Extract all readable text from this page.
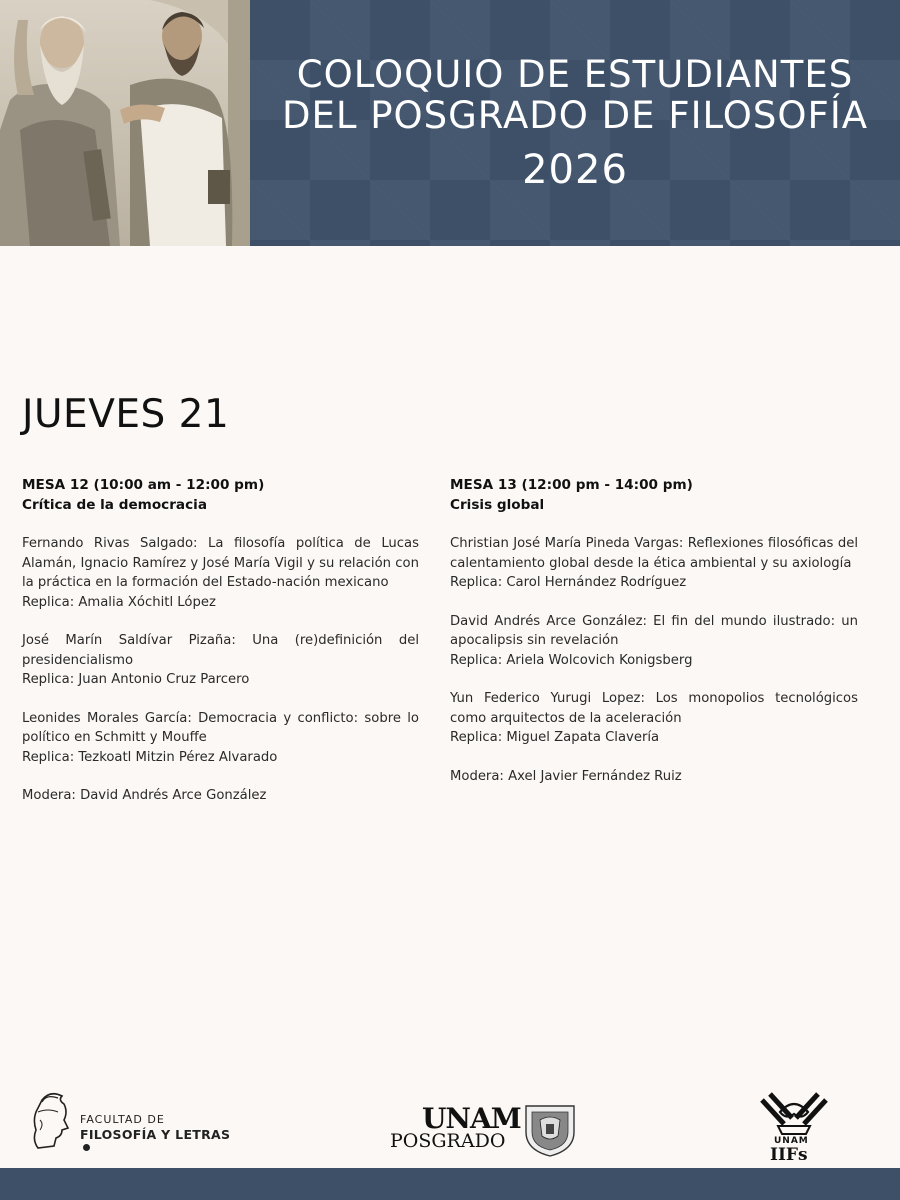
COLOQUIO DE ESTUDIANTES DEL POSGRADO DE FILOSOFÍA
2026
JUEVES 21
MESA 12 (10:00 am - 12:00 pm)
Crítica de la democracia
Fernando Rivas Salgado: La filosofía política de Lucas Alamán, Ignacio Ramírez y José María Vigil y su relación con la práctica en la formación del Estado-nación mexicano
Replica: Amalia Xóchitl López
José Marín Saldívar Pizaña: Una (re)definición del presidencialismo
Replica: Juan Antonio Cruz Parcero
Leonides Morales García: Democracia y conflicto: sobre lo político en Schmitt y Mouffe
Replica: Tezkoatl Mitzin Pérez Alvarado
Modera: David Andrés Arce González
MESA 13 (12:00 pm - 14:00 pm)
Crisis global
Christian José María Pineda Vargas: Reflexiones filosóficas del calentamiento global desde la ética ambiental y su axiología
Replica: Carol Hernández Rodríguez
David Andrés Arce González: El fin del mundo ilustrado: un apocalipsis sin revelación
Replica: Ariela Wolcovich Konigsberg
Yun Federico Yurugi Lopez: Los monopolios tecnológicos como arquitectos de la aceleración
Replica: Miguel Zapata Clavería
Modera: Axel Javier Fernández Ruiz
FACULTAD DE
FILOSOFÍA Y LETRAS	UNAM
POSGRADO	UNAM
IIFs
